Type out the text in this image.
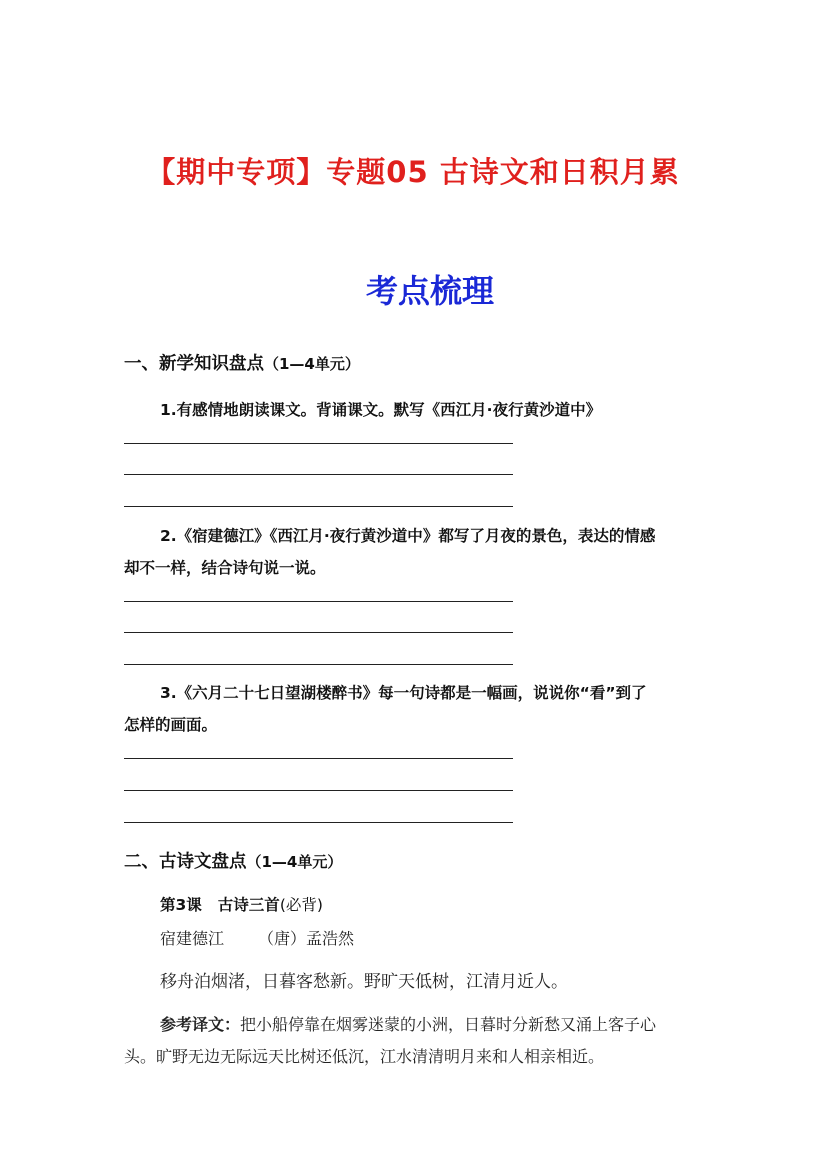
【期中专项】专题05 古诗文和日积月累
考点梳理
一、新学知识盘点（1—4单元）
1.有感情地朗读课文。背诵课文。默写《西江月·夜行黄沙道中》
2.《宿建德江》《西江月·夜行黄沙道中》都写了月夜的景色，表达的情感
却不一样，结合诗句说一说。
3.《六月二十七日望湖楼醉书》每一句诗都是一幅画，说说你“看”到了
怎样的画面。
二、古诗文盘点（1—4单元）
第3课 古诗三首(必背)
宿建德江 （唐）孟浩然
移舟泊烟渚，日暮客愁新。野旷天低树，江清月近人。
参考译文：把小船停靠在烟雾迷蒙的小洲，日暮时分新愁又涌上客子心
头。旷野无边无际远天比树还低沉，江水清清明月来和人相亲相近。
